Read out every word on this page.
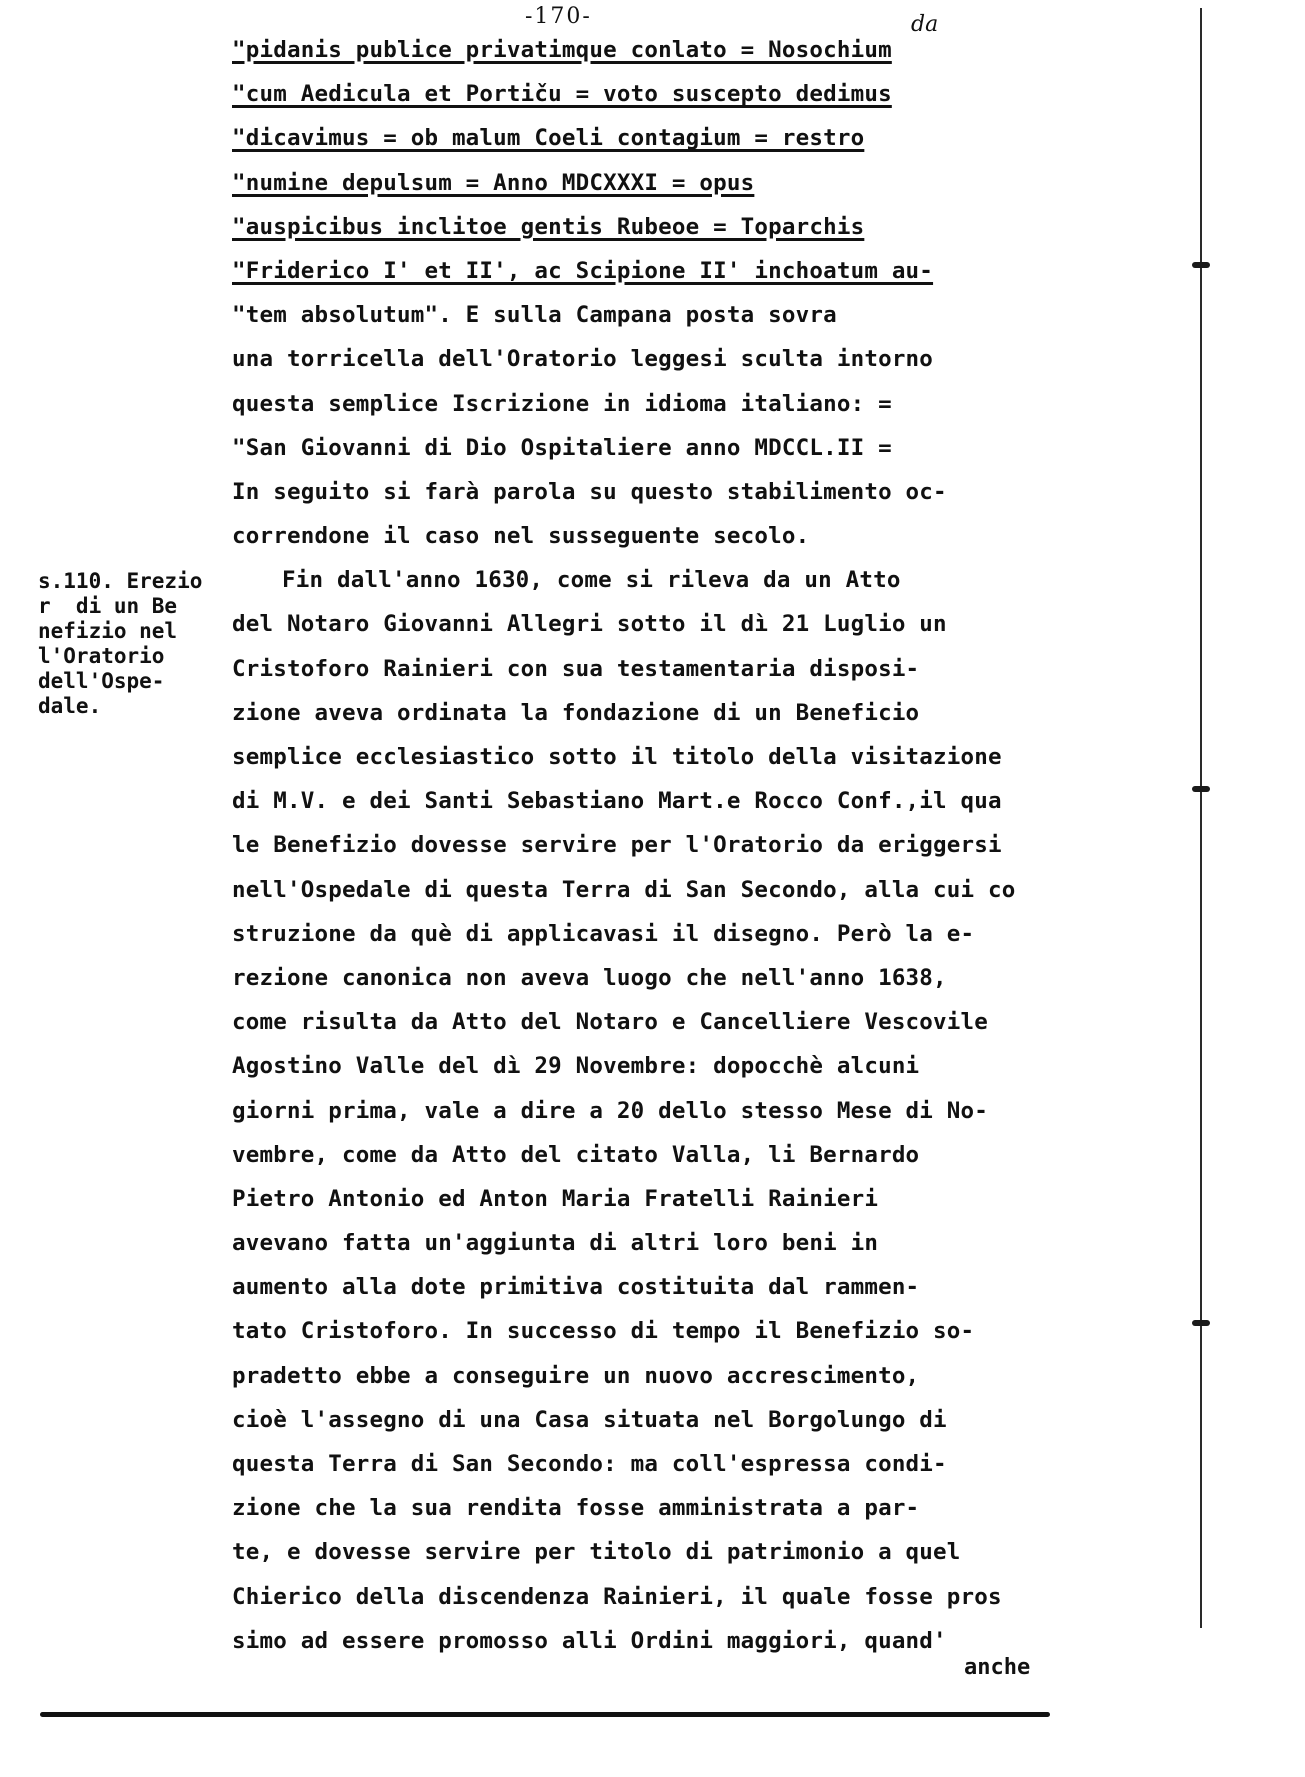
-170-	da
s.110. Erezio
r  di un Be
nefizio nel
l'Oratorio
dell'Ospe-
dale.
"pidanis publice privatimque conlato = Nosochium
"cum Aedicula et Portiču = voto suscepto dedimus
"dicavimus = ob malum Coeli contagium = restro
"numine depulsum = Anno MDCXXXI = opus
"auspicibus inclitoe gentis Rubeoe = Toparchis
"Friderico I' et II', ac Scipione II' inchoatum au-
"tem absolutum". E sulla Campana posta sovra
una torricella dell'Oratorio leggesi sculta intorno
questa semplice Iscrizione in idioma italiano: =
"San Giovanni di Dio Ospitaliere anno MDCCL.II =
In seguito si farà parola su questo stabilimento oc-
correndone il caso nel susseguente secolo.
Fin dall'anno 1630, come si rileva da un Atto
del Notaro Giovanni Allegri sotto il dì 21 Luglio un
Cristoforo Rainieri con sua testamentaria disposi-
zione aveva ordinata la fondazione di un Beneficio
semplice ecclesiastico sotto il titolo della visitazione
di M.V. e dei Santi Sebastiano Mart.e Rocco Conf.,il qua
le Benefizio dovesse servire per l'Oratorio da eriggersi
nell'Ospedale di questa Terra di San Secondo, alla cui co
struzione da què di applicavasi il disegno. Però la e-
rezione canonica non aveva luogo che nell'anno 1638,
come risulta da Atto del Notaro e Cancelliere Vescovile
Agostino Valle del dì 29 Novembre: dopocchè alcuni
giorni prima, vale a dire a 20 dello stesso Mese di No-
vembre, come da Atto del citato Valla, li Bernardo
Pietro Antonio ed Anton Maria Fratelli Rainieri
avevano fatta un'aggiunta di altri loro beni in
aumento alla dote primitiva costituita dal rammen-
tato Cristoforo. In successo di tempo il Benefizio so-
pradetto ebbe a conseguire un nuovo accrescimento,
cioè l'assegno di una Casa situata nel Borgolungo di
questa Terra di San Secondo: ma coll'espressa condi-
zione che la sua rendita fosse amministrata a par-
te, e dovesse servire per titolo di patrimonio a quel
Chierico della discendenza Rainieri, il quale fosse pros
simo ad essere promosso alli Ordini maggiori, quand'
anche
